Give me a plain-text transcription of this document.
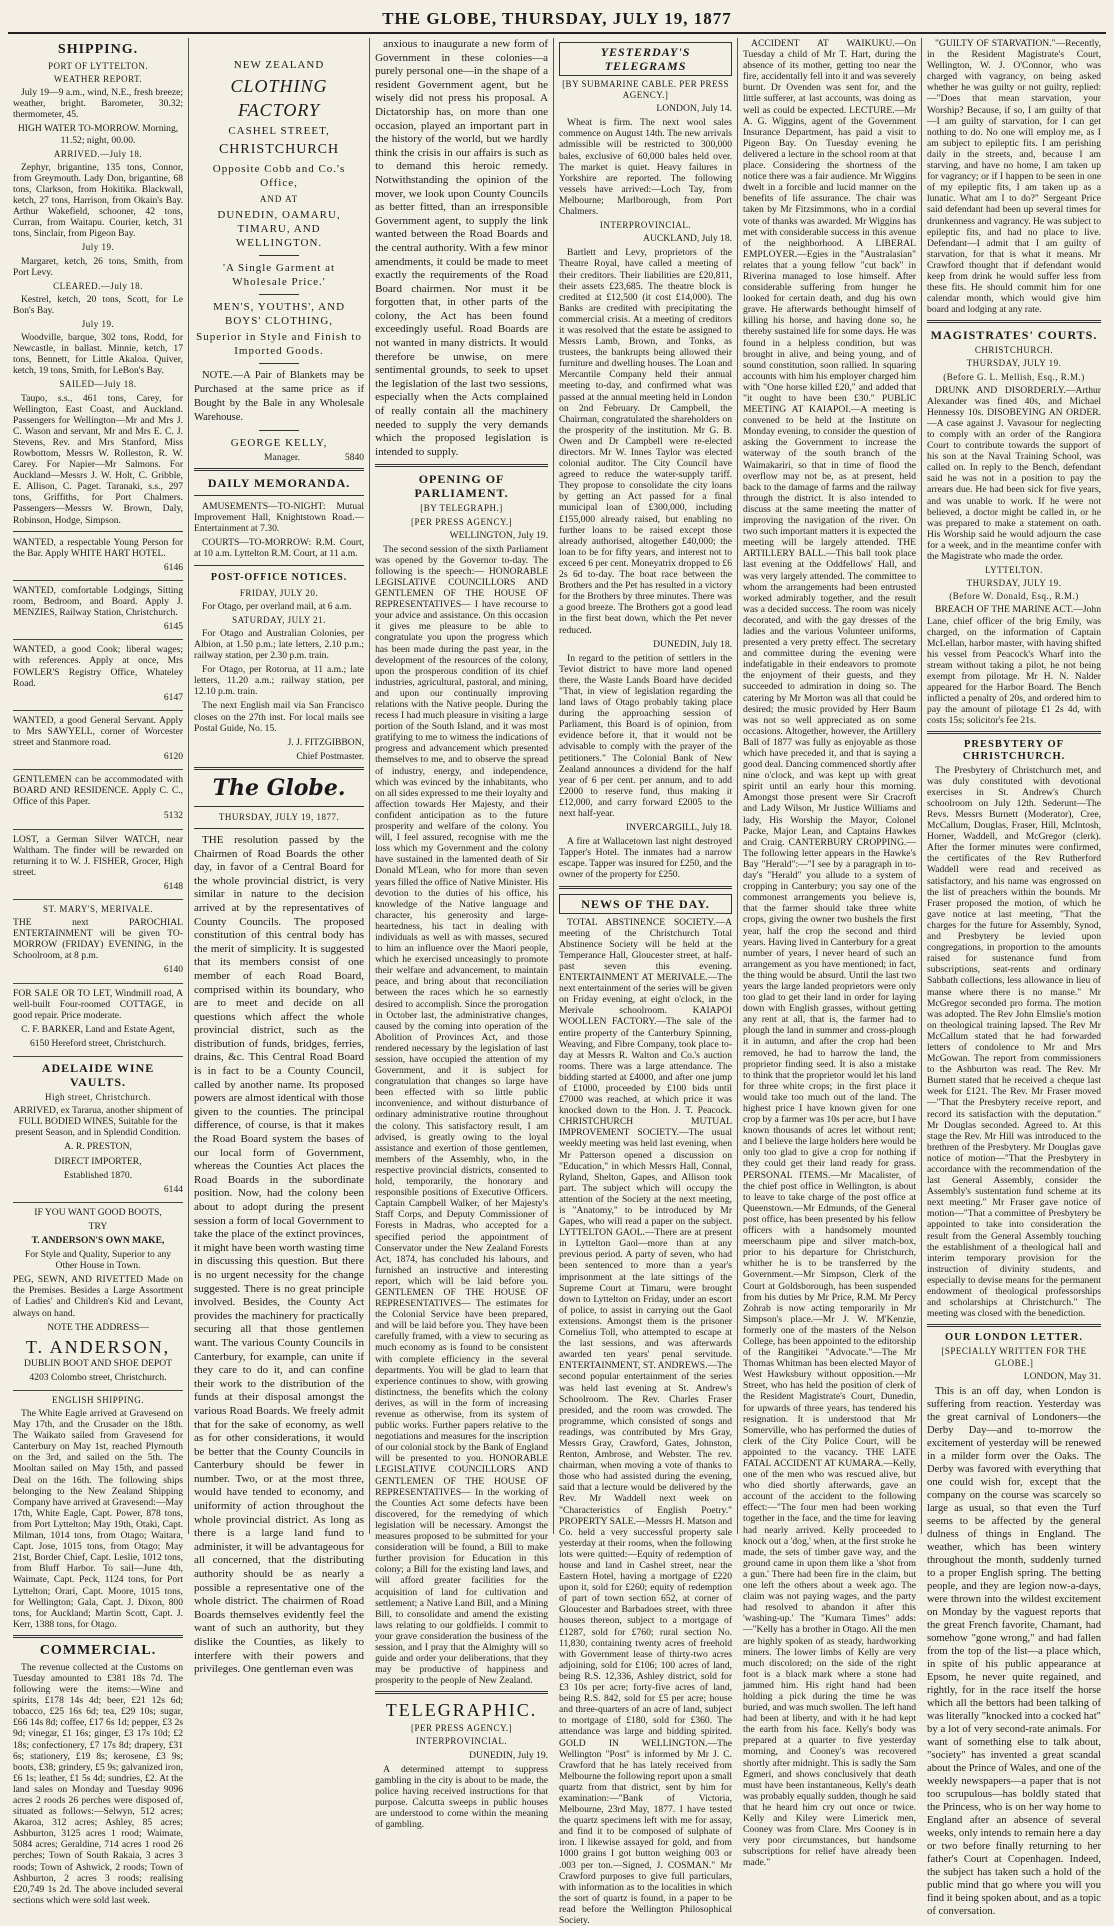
THE GLOBE, THURSDAY, JULY 19, 1877
SHIPPING.
PORT OF LYTTELTON.
WEATHER REPORT.

July 19—9 a.m., wind, N.E., fresh breeze; weather, bright. Barometer, 30.32; thermometer, 45.

HIGH WATER TO-MORROW. Morning, 11.52; night, 00.00.

ARRIVED.—July 18.

Zephyr, brigantine, 135 tons, Connor, from Greymouth. Lady Don, brigantine, 68 tons, Clarkson, from Hokitika. Blackwall, ketch, 27 tons, Harrison, from Okain's Bay. Arthur Wakefield, schooner, 42 tons, Curran, from Waitapu. Courier, ketch, 31 tons, Sinclair, from Pigeon Bay.

July 19.

Margaret, ketch, 26 tons, Smith, from Port Levy.

CLEARED.—July 18.

Kestrel, ketch, 20 tons, Scott, for Le Bon's Bay.

July 19.

Woodville, barque, 302 tons, Rodd, for Newcastle, in ballast. Minnie, ketch, 17 tons, Bennett, for Little Akaloa. Quiver, ketch, 19 tons, Smith, for LeBon's Bay.

SAILED—July 18.

Taupo, s.s., 461 tons, Carey, for Wellington, East Coast, and Auckland. Passengers for Wellington—Mr and Mrs J. C. Wason and servant, Mr and Mrs E. C. J. Stevens, Rev. and Mrs Stanford, Miss Rowbottom, Messrs W. Rolleston, R. W. Carey. For Napier—Mr Salmons. For Auckland—Messrs J. W. Holt, C. Gribble, E. Allison, C. Paget. Taranaki, s.s., 297 tons, Griffiths, for Port Chalmers. Passengers—Messrs W. Brown, Daly, Robinson, Hodge, Simpson.

WANTED, a respectable Young Person for the Bar. Apply WHITE HART HOTEL.

6146

WANTED, comfortable Lodgings, Sitting room, Bedroom, and Board. Apply J. MENZIES, Railway Station, Christchurch.

6145

WANTED, a good Cook; liberal wages; with references. Apply at once, Mrs FOWLER'S Registry Office, Whateley Road.

6147

WANTED, a good General Servant. Apply to Mrs SAWYELL, corner of Worcester street and Stanmore road.

6120

GENTLEMEN can be accommodated with BOARD AND RESIDENCE. Apply C. C., Office of this Paper.

5132

LOST, a German Silver WATCH, near Waltham. The finder will be rewarded on returning it to W. J. FISHER, Grocer, High street.

6148

ST. MARY'S, MERIVALE.

THE next PAROCHIAL ENTERTAINMENT will be given TO-MORROW (FRIDAY) EVENING, in the Schoolroom, at 8 p.m.

6140

FOR SALE OR TO LET, Windmill road, A well-built Four-roomed COTTAGE, in good repair. Price moderate.

C. F. BARKER, Land and Estate Agent,

6150 Hereford street, Christchurch.

ADELAIDE WINE VAULTS.
High street, Christchurch.

ARRIVED, ex Tararua, another shipment of FULL BODIED WINES, Suitable for the present Season, and in Splendid Condition.

A. R. PRESTON,

DIRECT IMPORTER,

Established 1870.

6144

IF YOU WANT GOOD BOOTS,

TRY

T. ANDERSON'S OWN MAKE,

For Style and Quality, Superior to any Other House in Town.

PEG, SEWN, AND RIVETTED Made on the Premises. Besides a Large Assortment of Ladies' and Children's Kid and Levant, always on hand.

NOTE THE ADDRESS—

T. ANDERSON,

DUBLIN BOOT AND SHOE DEPOT

4203 Colombo street, Christchurch.

ENGLISH SHIPPING.

The White Eagle arrived at Gravesend on May 17th, and the Crusader on the 18th. The Waikato sailed from Gravesend for Canterbury on May 1st, reached Plymouth on the 3rd, and sailed on the 5th. The Mooltan sailed on May 15th, and passed Deal on the 16th. The following ships belonging to the New Zealand Shipping Company have arrived at Gravesend:—May 17th, White Eagle, Capt. Power, 878 tons, from Port Lyttelton; May 19th, Otaki, Capt. Milman, 1014 tons, from Otago; Waitara, Capt. Jose, 1015 tons, from Otago; May 21st, Border Chief, Capt. Leslie, 1012 tons, from Bluff Harbor. To sail—June 4th, Waimate, Capt. Peck, 1124 tons, for Port Lyttelton; Orari, Capt. Moore, 1015 tons, for Wellington; Gala, Capt. J. Dixon, 800 tons, for Auckland; Martin Scott, Capt. J. Kerr, 1388 tons, for Otago.

COMMERCIAL.

The revenue collected at the Customs on Tuesday amounted to £381 18s 7d. The following were the items:—Wine and spirits, £178 14s 4d; beer, £21 12s 6d; tobacco, £25 16s 6d; tea, £29 10s; sugar, £66 14s 8d; coffee, £17 6s 1d; pepper, £3 2s 9d; vinegar, £1 16s; ginger, £3 17s 10d; £2 18s; confectionery, £7 17s 8d; drapery, £31 6s; stationery, £19 8s; kerosene, £3 9s; boots, £38; grindery, £5 9s; galvanized iron, £6 1s; leather, £1 5s 4d; sundries, £2. At the land sales on Monday and Tuesday 9096 acres 2 roods 26 perches were disposed of, situated as follows:—Selwyn, 512 acres; Akaroa, 312 acres; Ashley, 85 acres; Ashburton, 3125 acres 1 rood; Waimate, 5084 acres; Geraldine, 714 acres 1 rood 26 perches; Town of South Rakaia, 3 acres 3 roods; Town of Ashwick, 2 roods; Town of Ashburton, 2 acres 3 roods; realising £20,749 1s 2d. The above included several sections which were sold last week.

NEW ZEALAND
CLOTHING FACTORY
CASHEL STREET,
CHRISTCHURCH
Opposite Cobb and Co.'s Office,
AND AT
DUNEDIN, OAMARU, TIMARU, AND WELLINGTON.
'A Single Garment at Wholesale Price.'
MEN'S, YOUTHS', AND BOYS' CLOTHING,
Superior in Style and Finish to Imported Goods.

NOTE.—A Pair of Blankets may be Purchased at the same price as if Bought by the Bale in any Wholesale Warehouse.

GEORGE KELLY,
Manager.	5840
DAILY MEMORANDA.

AMUSEMENTS—TO-NIGHT: Mutual Improvement Hall, Knightstown Road.—Entertainment at 7.30.

COURTS—TO-MORROW: R.M. Court, at 10 a.m. Lyttelton R.M. Court, at 11 a.m.

POST-OFFICE NOTICES.
FRIDAY, JULY 20.

For Otago, per overland mail, at 6 a.m.

SATURDAY, JULY 21.

For Otago and Australian Colonies, per Albion, at 1.50 p.m.; late letters, 2.10 p.m.; railway station, per 2.30 p.m. train.

For Otago, per Rotorua, at 11 a.m.; late letters, 11.20 a.m.; railway station, per 12.10 p.m. train.

The next English mail via San Francisco closes on the 27th inst. For local mails see Postal Guide, No. 15.

J. J. FITZGIBBON,

Chief Postmaster.

The Globe.
THURSDAY, JULY 19, 1877.

THE resolution passed by the Chairmen of Road Boards the other day, in favor of a Central Board for the whole provincial district, is very similar in nature to the decision arrived at by the representatives of County Councils. The proposed constitution of this central body has the merit of simplicity. It is suggested that its members consist of one member of each Road Board, comprised within its boundary, who are to meet and decide on all questions which affect the whole provincial district, such as the distribution of funds, bridges, ferries, drains, &c. This Central Road Board is in fact to be a County Council, called by another name. Its proposed powers are almost identical with those given to the counties. The principal difference, of course, is that it makes the Road Board system the bases of our local form of Government, whereas the Counties Act places the Road Boards in the subordinate position. Now, had the colony been about to adopt during the present session a form of local Government to take the place of the extinct provinces, it might have been worth wasting time in discussing this question. But there is no urgent necessity for the change suggested. There is no great principle involved. Besides, the County Act provides the machinery for practically securing all that those gentlemen want. The various County Councils in Canterbury, for example, can unite if they care to do it, and can confine their work to the distribution of the funds at their disposal amongst the various Road Boards. We freely admit that for the sake of economy, as well as for other considerations, it would be better that the County Councils in Canterbury should be fewer in number. Two, or at the most three, would have tended to economy, and uniformity of action throughout the whole provincial district. As long as there is a large land fund to administer, it will be advantageous for all concerned, that the distributing authority should be as nearly a possible a representative one of the whole district. The chairmen of Road Boards themselves evidently feel the want of such an authority, but they dislike the Counties, as likely to interfere with their powers and privileges. One gentleman even was

anxious to inaugurate a new form of Government in these colonies—a purely personal one—in the shape of a resident Government agent, but he wisely did not press his proposal. A Dictatorship has, on more than one occasion, played an important part in the history of the world, but we hardly think the crisis in our affairs is such as to demand this heroic remedy. Notwithstanding the opinion of the mover, we look upon County Councils as better fitted, than an irresponsible Government agent, to supply the link wanted between the Road Boards and the central authority. With a few minor amendments, it could be made to meet exactly the requirements of the Road Board chairmen. Nor must it be forgotten that, in other parts of the colony, the Act has been found exceedingly useful. Road Boards are not wanted in many districts. It would therefore be unwise, on mere sentimental grounds, to seek to upset the legislation of the last two sessions, especially when the Acts complained of really contain all the machinery needed to supply the very demands which the proposed legislation is intended to supply.

OPENING OF PARLIAMENT.
[BY TELEGRAPH.]
[PER PRESS AGENCY.]

WELLINGTON, July 19.

The second session of the sixth Parliament was opened by the Governor to-day. The following is the speech:— HONORABLE LEGISLATIVE COUNCILLORS AND GENTLEMEN OF THE HOUSE OF REPRESENTATIVES— I have recourse to your advice and assistance. On this occasion it gives me pleasure to be able to congratulate you upon the progress which has been made during the past year, in the development of the resources of the colony, upon the prosperous condition of its chief industries, agricultural, pastoral, and mining, and upon our continually improving relations with the Native people. During the recess I had much pleasure in visiting a large portion of the South Island, and it was most gratifying to me to witness the indications of progress and advancement which presented themselves to me, and to observe the spread of industry, energy, and independence, which was evinced by the inhabitants, who on all sides expressed to me their loyalty and affection towards Her Majesty, and their confident anticipation as to the future prosperity and welfare of the colony. You will, I feel assured, recognise with me the loss which my Government and the colony have sustained in the lamented death of Sir Donald M'Lean, who for more than seven years filled the office of Native Minister. His devotion to the duties of his office, his knowledge of the Native language and character, his generosity and large-heartedness, his tact in dealing with individuals as well as with masses, secured to him an influence over the Maori people, which he exercised unceasingly to promote their welfare and advancement, to maintain peace, and bring about that reconciliation between the races which he so earnestly desired to accomplish. Since the prorogation in October last, the administrative changes, caused by the coming into operation of the Abolition of Provinces Act, and those rendered necessary by the legislation of last session, have occupied the attention of my Government, and it is subject for congratulation that changes so large have been effected with so little public inconvenience, and without disturbance of ordinary administrative routine throughout the colony. This satisfactory result, I am advised, is greatly owing to the loyal assistance and exertion of those gentlemen, members of the Assembly, who, in the respective provincial districts, consented to hold, temporarily, the honorary and responsible positions of Executive Officers. Captain Campbell Walker, of her Majesty's Staff Corps, and Deputy Commissioner of Forests in Madras, who accepted for a specified period the appointment of Conservator under the New Zealand Forests Act, 1874, has concluded his labours, and furnished an instructive and interesting report, which will be laid before you. GENTLEMEN OF THE HOUSE OF REPRESENTATIVES— The estimates for the Colonial Service have been prepared, and will be laid before you. They have been carefully framed, with a view to securing as much economy as is found to be consistent with complete efficiency in the several departments. You will be glad to learn that experience continues to show, with growing distinctness, the benefits which the colony derives, as will in the form of increasing revenue as otherwise, from its system of public works. Further papers relative to the negotiations and measures for the inscription of our colonial stock by the Bank of England will be presented to you. HONORABLE LEGISLATIVE COUNCILLORS AND GENTLEMEN OF THE HOUSE OF REPRESENTATIVES— In the working of the Counties Act some defects have been discovered, for the remedying of which legislation will be necessary. Amongst the measures proposed to be submitted for your consideration will be found, a Bill to make further provision for Education in this colony; a Bill for the existing land laws, and will afford greater facilities for the acquisition of land for cultivation and settlement; a Native Land Bill, and a Mining Bill, to consolidate and amend the existing laws relating to our goldfields. I commit to your grave consideration the business of the session, and I pray that the Almighty will so guide and order your deliberations, that they may be productive of happiness and prosperity to the people of New Zealand.

TELEGRAPHIC.
[PER PRESS AGENCY.]
INTERPROVINCIAL.

DUNEDIN, July 19.

A determined attempt to suppress gambling in the city is about to be made, the police having received instructions for that purpose. Calcutta sweeps in public houses are understood to come within the meaning of gambling.

YESTERDAY'S TELEGRAMS
[BY SUBMARINE CABLE. PER PRESS AGENCY.]

LONDON, July 14.

Wheat is firm. The next wool sales commence on August 14th. The new arrivals admissible will be restricted to 300,000 bales, exclusive of 60,000 bales held over. The market is quiet. Heavy failures in Yorkshire are reported. The following vessels have arrived:—Loch Tay, from Melbourne; Marlborough, from Port Chalmers.

INTERPROVINCIAL.

AUCKLAND, July 18.

Bartlett and Levy, proprietors of the Theatre Royal, have called a meeting of their creditors. Their liabilities are £20,811, their assets £23,685. The theatre block is credited at £12,500 (it cost £14,000). The Banks are credited with precipitating the commercial crisis. At a meeting of creditors it was resolved that the estate be assigned to Messrs Lamb, Brown, and Tonks, as trustees, the bankrupts being allowed their furniture and dwelling houses. The Loan and Mercantile Company held their annual meeting to-day, and confirmed what was passed at the annual meeting held in London on 2nd February. Dr Campbell, the Chairman, congratulated the shareholders on the prosperity of the institution. Mr G. B. Owen and Dr Campbell were re-elected directors. Mr W. Innes Taylor was elected colonial auditor. The City Council have agreed to reduce the water-supply tariff. They propose to consolidate the city loans by getting an Act passed for a final municipal loan of £300,000, including £155,000 already raised, but enabling no further loans to be raised except those already authorised, altogether £40,000; the loan to be for fifty years, and interest not to exceed 6 per cent. Moneyatrix dropped to £6 2s 6d to-day. The boat race between the Brothers and the Pet has resulted in a victory for the Brothers by three minutes. There was a good breeze. The Brothers got a good lead in the first beat down, which the Pet never reduced.

DUNEDIN, July 18.

In regard to the petition of settlers in the Teviot district to have more land opened there, the Waste Lands Board have decided "That, in view of legislation regarding the land laws of Otago probably taking place during the approaching session of Parliament, this Board is of opinion, from evidence before it, that it would not be advisable to comply with the prayer of the petitioners." The Colonial Bank of New Zealand announces a dividend for the half year of 6 per cent. per annum, and to add £2000 to reserve fund, thus making it £12,000, and carry forward £2005 to the next half-year.

INVERCARGILL, July 18.

A fire at Wallacetown last night destroyed Tapper's Hotel. The inmates had a narrow escape. Tapper was insured for £250, and the owner of the property for £250.

NEWS OF THE DAY.

TOTAL ABSTINENCE SOCIETY.—A meeting of the Christchurch Total Abstinence Society will be held at the Temperance Hall, Gloucester street, at half-past seven this evening. ENTERTAINMENT AT MERIVALE.—The next entertainment of the series will be given on Friday evening, at eight o'clock, in the Merivale schoolroom. KAIAPOI WOOLLEN FACTORY.—The sale of the entire property of the Canterbury Spinning, Weaving, and Fibre Company, took place to-day at Messrs R. Walton and Co.'s auction rooms. There was a large attendance. The bidding started at £4000, and after one jump of £1000, proceeded by £100 bids until £7000 was reached, at which price it was knocked down to the Hon. J. T. Peacock. CHRISTCHURCH MUTUAL IMPROVEMENT SOCIETY.—The usual weekly meeting was held last evening, when Mr Patterson opened a discussion on "Education," in which Messrs Hall, Connal, Ryland, Shelton, Gapes, and Allison took part. The subject which will occupy the attention of the Society at the next meeting, is "Anatomy," to be introduced by Mr Gapes, who will read a paper on the subject. LYTTELTON GAOL.—There are at present in Lyttelton Gaol—more than at any previous period. A party of seven, who had been sentenced to more than a year's imprisonment at the late sittings of the Supreme Court at Timaru, were brought down to Lyttelton on Friday, under an escort of police, to assist in carrying out the Gaol extensions. Amongst them is the prisoner Cornelius Toll, who attempted to escape at the last sessions, and was afterwards awarded ten years' penal servitude. ENTERTAINMENT, ST. ANDREWS.—The second popular entertainment of the series was held last evening at St. Andrew's Schoolroom. The Rev. Charles Fraser presided, and the room was crowded. The programme, which consisted of songs and readings, was contributed by Mrs Gray, Messrs Gray, Crawford, Gates, Johnston, Renton, Ambrose, and Webster. The rev. chairman, when moving a vote of thanks to those who had assisted during the evening, said that a lecture would be delivered by the Rev. Mr Waddell next week on "Characteristics of English Poetry." PROPERTY SALE.—Messrs H. Matson and Co. held a very successful property sale yesterday at their rooms, when the following lots were quitted:—Equity of redemption of house and land in Cashel street, near the Eastern Hotel, having a mortgage of £220 upon it, sold for £260; equity of redemption of part of town section 652, at corner of Gloucester and Barbadoes street, with three houses thereon, subject to a mortgage of £1287, sold for £760; rural section No. 11,830, containing twenty acres of freehold with Government lease of thirty-two acres adjoining, sold for £106; 100 acres of land, being R.S. 12,336, Ashley district, sold for £3 10s per acre; forty-five acres of land, being R.S. 842, sold for £5 per acre; house and three-quarters of an acre of land, subject to mortgage of £180, sold for £360. The attendance was large and bidding spirited. GOLD IN WELLINGTON.—The Wellington "Post" is informed by Mr J. C. Crawford that he has lately received from Melbourne the following report upon a small quartz from that district, sent by him for examination:—"Bank of Victoria, Melbourne, 23rd May, 1877. I have tested the quartz specimens left with me for assay, and find it to be composed of sulphate of iron. I likewise assayed for gold, and from 1000 grains I got button weighing 003 or .003 per ton.—Signed, J. COSMAN." Mr Crawford purposes to give full particulars, with information as to the localities in which the sort of quartz is found, in a paper to be read before the Wellington Philosophical Society.

ACCIDENT AT WAIKUKU.—On Tuesday a child of Mr T. Hart, during the absence of its mother, getting too near the fire, accidentally fell into it and was severely burnt. Dr Ovenden was sent for, and the little sufferer, at last accounts, was doing as well as could be expected. LECTURE.—Mr A. G. Wiggins, agent of the Government Insurance Department, has paid a visit to Pigeon Bay. On Tuesday evening he delivered a lecture in the school room at that place. Considering the shortness of the notice there was a fair audience. Mr Wiggins dwelt in a forcible and lucid manner on the benefits of life assurance. The chair was taken by Mr Fitzsimmons, who in a cordial vote of thanks was awarded. Mr Wiggins has met with considerable success in this avenue of the neighborhood. A LIBERAL EMPLOYER.—Egies in the "Australasian" relates that a young fellow "cut back" in Riverina managed to lose himself. After considerable suffering from hunger he looked for certain death, and dug his own grave. He afterwards bethought himself of killing his horse, and having done so, he thereby sustained life for some days. He was found in a helpless condition, but was brought in alive, and being young, and of sound constitution, soon rallied. In squaring accounts with him his employer charged him with "One horse killed £20," and added that "it ought to have been £30." PUBLIC MEETING AT KAIAPOI.—A meeting is convened to be held at the Institute on Monday evening, to consider the question of asking the Government to increase the waterway of the south branch of the Waimakariri, so that in time of flood the overflow may not be, as at present, held back to the damage of farms and the railway through the district. It is also intended to discuss at the same meeting the matter of improving the navigation of the river. On two such important matters it is expected the meeting will be largely attended. THE ARTILLERY BALL.—This ball took place last evening at the Oddfellows' Hall, and was very largely attended. The committee to whom the arrangements had been entrusted worked admirably together, and the result was a decided success. The room was nicely decorated, and with the gay dresses of the ladies and the various Volunteer uniforms, presented a very pretty effect. The secretary and committee during the evening were indefatigable in their endeavors to promote the enjoyment of their guests, and they succeeded to admiration in doing so. The catering by Mr Morton was all that could be desired; the music provided by Herr Baum was not so well appreciated as on some occasions. Altogether, however, the Artillery Ball of 1877 was fully as enjoyable as those which have preceded it, and that is saying a good deal. Dancing commenced shortly after nine o'clock, and was kept up with great spirit until an early hour this morning. Amongst those present were Sir Cracroft and Lady Wilson, Mr Justice Williams and lady, His Worship the Mayor, Colonel Packe, Major Lean, and Captains Hawkes and Craig. CANTERBURY CROPPING.—The following letter appears in the Hawke's Bay "Herald":—"I see by a paragraph in to-day's "Herald" you allude to a system of cropping in Canterbury; you say one of the commonest arrangements you believe is, that the farmer should take three white crops, giving the owner two bushels the first year, half the crop the second and third years. Having lived in Canterbury for a great number of years, I never heard of such an arrangement as you have mentioned; in fact, the thing would be absurd. Until the last two years the large landed proprietors were only too glad to get their land in order for laying down with English grasses, without getting any rent at all, that is, the farmer had to plough the land in summer and cross-plough it in autumn, and after the crop had been removed, he had to harrow the land, the proprietor finding seed. It is also a mistake to think that the proprietor would let his land for three white crops; in the first place it would take too much out of the land. The highest price I have known given for one crop by a farmer was 10s per acre, but I have known thousands of acres let without rent; and I believe the large holders here would be only too glad to give a crop for nothing if they could get their land ready for grass. PERSONAL ITEMS.—Mr Macalister, of the chief post office in Wellington, is about to leave to take charge of the post office at Queenstown.—Mr Edmunds, of the General post office, has been presented by his fellow officers with a handsomely mounted meerschaum pipe and silver match-box, prior to his departure for Christchurch, whither he is to be transferred by the Government.—Mr Simpson, Clerk of the Court at Goldsborough, has been suspended from his duties by Mr Price, R.M. Mr Percy Zohrab is now acting temporarily in Mr Simpson's place.—Mr J. W. M'Kenzie, formerly one of the masters of the Nelson College, has been appointed to the editorship of the Rangitikei "Advocate."—The Mr Thomas Whitman has been elected Mayor of West Hawksbury without opposition.—Mr Street, who has held the position of clerk of the Resident Magistrate's Court, Dunedin, for upwards of three years, has tendered his resignation. It is understood that Mr Somerville, who has performed the duties of clerk of the City Police Court, will be appointed to the vacancy. THE LATE FATAL ACCIDENT AT KUMARA.—Kelly, one of the men who was rescued alive, but who died shortly afterwards, gave an account of the accident to the following effect:—"The four men had been working together in the face, and the time for leaving had nearly arrived. Kelly proceeded to knock out a 'dog,' when, at the first stroke he made, the sets of timber gave way, and the ground came in upon them like a 'shot from a gun.' There had been fire in the claim, but one left the others about a week ago. The claim was not paying wages, and the party had resolved to abandon it after this 'washing-up.' The "Kumara Times" adds:—"Kelly has a brother in Otago. All the men are highly spoken of as steady, hardworking miners. The lower limbs of Kelly are very much discolored; on the side of the right foot is a black mark where a stone had jammed him. His right hand had been holding a pick during the time he was buried, and was much swollen. The left hand had been at liberty, and with it he had kept the earth from his face. Kelly's body was prepared at a quarter to five yesterday morning, and Cooney's was recovered shortly after midnight. This is sadly the Sam Egmeri, and shows conclusively that death must have been instantaneous, Kelly's death was probably equally sudden, though he said that he heard him cry out once or twice. Kelly and Kiley were Limerick men, Cooney was from Clare. Mrs Cooney is in very poor circumstances, but handsome subscriptions for relief have already been made."

"GUILTY OF STARVATION."—Recently, in the Resident Magistrate's Court, Wellington, W. J. O'Connor, who was charged with vagrancy, on being asked whether he was guilty or not guilty, replied:—"Does that mean starvation, your Worship? Because, if so, I am guilty of that—I am guilty of starvation, for I can get nothing to do. No one will employ me, as I am subject to epileptic fits. I am perishing daily in the streets, and, because I am starving, and have no home, I am taken up for vagrancy; or if I happen to be seen in one of my epileptic fits, I am taken up as a lunatic. What am I to do?" Sergeant Price said defendant had been up several times for drunkenness and vagrancy. He was subject to epileptic fits, and had no place to live. Defendant—I admit that I am guilty of starvation, for that is what it means. Mr Crawford thought that if defendant would keep from drink he would suffer less from these fits. He should commit him for one calendar month, which would give him board and lodging at any rate.

MAGISTRATES' COURTS.
CHRISTCHURCH.
THURSDAY, JULY 19.
(Before G. L. Mellish, Esq., R.M.)

DRUNK AND DISORDERLY.—Arthur Alexander was fined 40s, and Michael Hennessy 10s. DISOBEYING AN ORDER.—A case against J. Vavasour for neglecting to comply with an order of the Rangiora Court to contribute towards the support of his son at the Naval Training School, was called on. In reply to the Bench, defendant said he was not in a position to pay the arrears due. He had been sick for five years, and was unable to work. If he were not believed, a doctor might be called in, or he was prepared to make a statement on oath. His Worship said he would adjourn the case for a week, and in the meantime confer with the Magistrate who made the order.

LYTTELTON.
THURSDAY, JULY 19.
(Before W. Donald, Esq., R.M.)

BREACH OF THE MARINE ACT.—John Lane, chief officer of the brig Emily, was charged, on the information of Captain McLellan, harbor master, with having shifted his vessel from Peacock's Wharf into the stream without taking a pilot, he not being exempt from pilotage. Mr H. N. Nalder appeared for the Harbor Board. The Bench inflicted a penalty of 20s, and ordered him to pay the amount of pilotage £1 2s 4d, with costs 15s; solicitor's fee 21s.

PRESBYTERY OF CHRISTCHURCH.

The Presbytery of Christchurch met, and was duly constituted with devotional exercises in St. Andrew's Church schoolroom on July 12th. Sederunt—The Revs. Messrs Burnett (Moderator), Cree, McCallum, Douglas, Fraser, Hill, McIntosh, Horner, Waddell, and McGregor (clerk). After the former minutes were confirmed, the certificates of the Rev Rutherford Waddell were read and received as satisfactory, and his name was engrossed on the list of preachers within the bounds. Mr Fraser proposed the motion, of which he gave notice at last meeting, "That the charges for the future for Assembly, Synod, and Presbytery be levied upon congregations, in proportion to the amounts raised for sustenance fund from subscriptions, seat-rents and ordinary Sabbath collections, less allowance in lieu of manse where there is no manse." Mr McGregor seconded pro forma. The motion was adopted. The Rev John Elmslie's motion on theological training lapsed. The Rev Mr McCallum stated that he had forwarded letters of condolence to Mr and Mrs McGowan. The report from commissioners to the Ashburton was read. The Rev. Mr Burnett stated that he received a cheque last week for £121. The Rev. Mr Fraser moved—"That the Presbytery receive report, and record its satisfaction with the deputation." Mr Douglas seconded. Agreed to. At this stage the Rev. Mr Hill was introduced to the brethren of the Presbytery. Mr Douglas gave notice of motion—"That the Presbytery in accordance with the recommendation of the last General Assembly, consider the Assembly's sustentation fund scheme at its next meeting." Mr Fraser gave notice of motion—"That a committee of Presbytery be appointed to take into consideration the result from the General Assembly touching the establishment of a theological hall and interim temporary provision for the instruction of divinity students, and especially to devise means for the permanent endowment of theological professorships and scholarships at Christchurch." The meeting was closed with the benediction.

OUR LONDON LETTER.
[SPECIALLY WRITTEN FOR THE GLOBE.]

LONDON, May 31.

This is an off day, when London is suffering from reaction. Yesterday was the great carnival of Londoners—the Derby Day—and to-morrow the excitement of yesterday will be renewed in a milder form over the Oaks. The Derby was favored with everything that one could wish for, except that the company on the course was scarcely so large as usual, so that even the Turf seems to be affected by the general dulness of things in England. The weather, which has been wintery throughout the month, suddenly turned to a proper English spring. The betting people, and they are legion now-a-days, were thrown into the wildest excitement on Monday by the vaguest reports that the great French favorite, Chamant, had somehow "gone wrong," and had fallen from the top of the list—a place which, in spite of his public appearance at Epsom, he never quite regained, and rightly, for in the race itself the horse which all the bettors had been talking of was literally "knocked into a cocked hat" by a lot of very second-rate animals. For want of something else to talk about, "society" has invented a great scandal about the Prince of Wales, and one of the weekly newspapers—a paper that is not too scrupulous—has boldly stated that the Princess, who is on her way home to England after an absence of several weeks, only intends to remain here a day or two before finally returning to her father's Court at Copenhagen. Indeed, the subject has taken such a hold of the public mind that go where you will you find it being spoken about, and as a topic of conversation.
